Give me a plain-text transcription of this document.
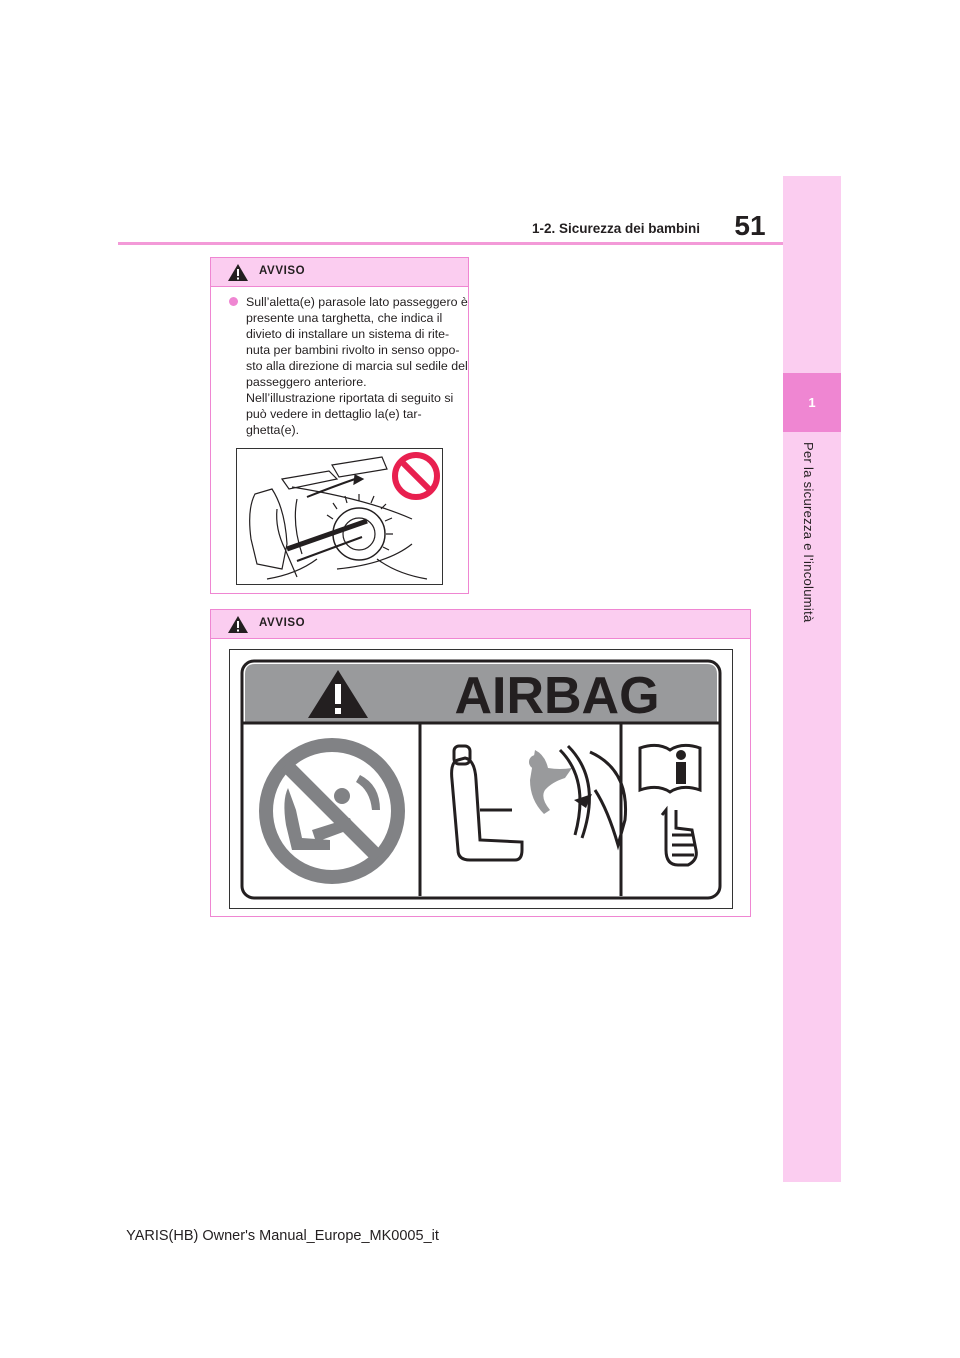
1
Per la sicurezza e l’incolumità
1-2. Sicurezza dei bambini	51
AVVISO
Sull’aletta(e) parasole lato passeggero è
presente una targhetta, che indica il
divieto di installare un sistema di rite-
nuta per bambini rivolto in senso oppo-
sto alla direzione di marcia sul sedile del
passeggero anteriore.
Nell’illustrazione riportata di seguito si
può vedere in dettaglio la(e) tar-
ghetta(e).
AVVISO
AIRBAG
YARIS(HB) Owner's Manual_Europe_MK0005_it
